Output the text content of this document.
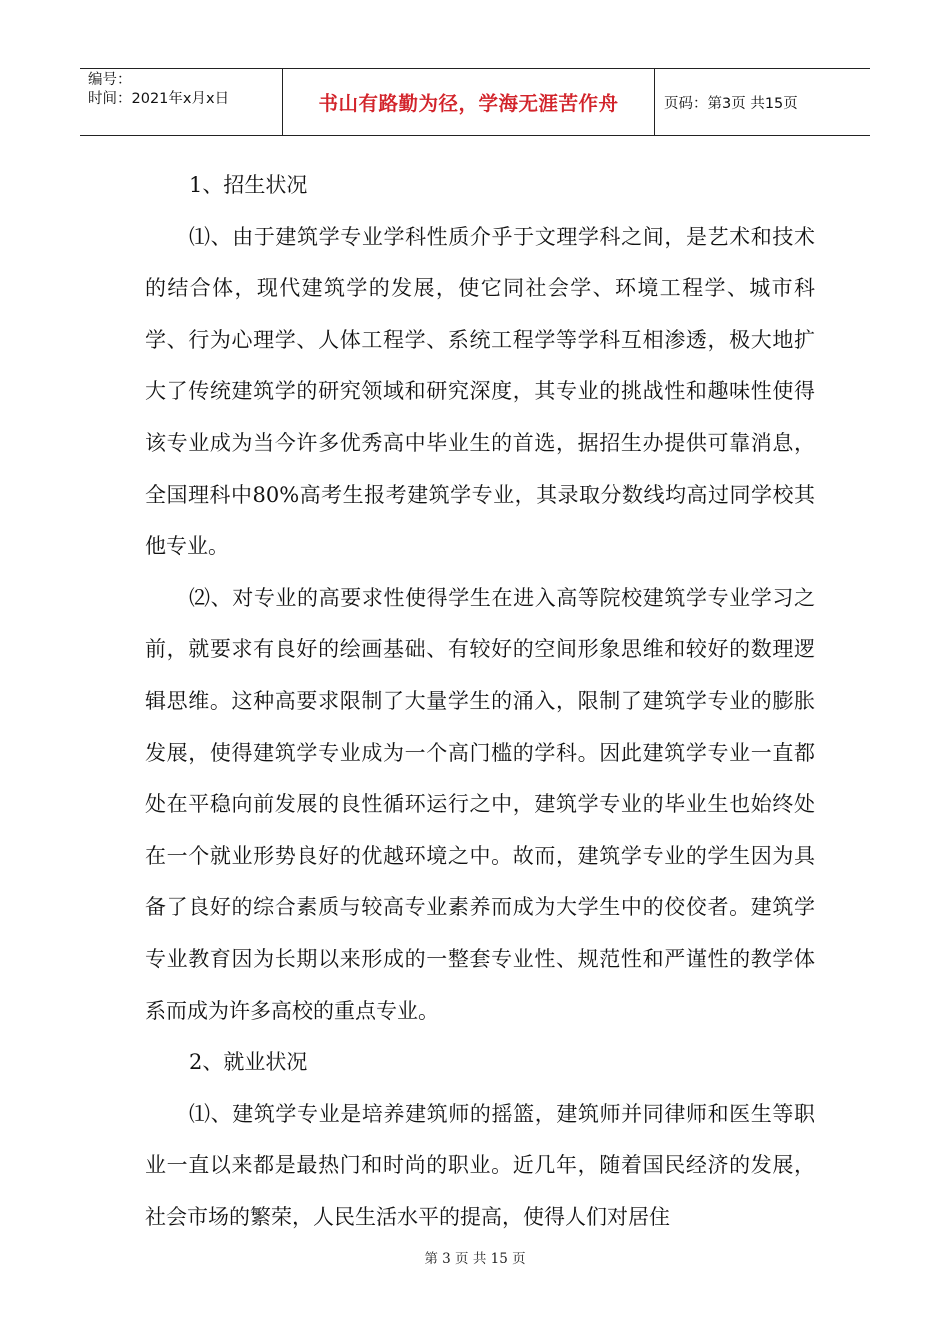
编号：
时间：2021年x月x日	书山有路勤为径，学海无涯苦作舟	页码：第3页 共15页

1、招生状况

⑴、由于建筑学专业学科性质介乎于文理学科之间，是艺术和技术的结合体，现代建筑学的发展，使它同社会学、环境工程学、城市科学、行为心理学、人体工程学、系统工程学等学科互相渗透，极大地扩大了传统建筑学的研究领域和研究深度，其专业的挑战性和趣味性使得该专业成为当今许多优秀高中毕业生的首选，据招生办提供可靠消息，全国理科中80%高考生报考建筑学专业，其录取分数线均高过同学校其他专业。

⑵、对专业的高要求性使得学生在进入高等院校建筑学专业学习之前，就要求有良好的绘画基础、有较好的空间形象思维和较好的数理逻辑思维。这种高要求限制了大量学生的涌入，限制了建筑学专业的膨胀发展，使得建筑学专业成为一个高门槛的学科。因此建筑学专业一直都处在平稳向前发展的良性循环运行之中，建筑学专业的毕业生也始终处在一个就业形势良好的优越环境之中。故而，建筑学专业的学生因为具备了良好的综合素质与较高专业素养而成为大学生中的佼佼者。建筑学专业教育因为长期以来形成的一整套专业性、规范性和严谨性的教学体系而成为许多高校的重点专业。

2、就业状况

⑴、建筑学专业是培养建筑师的摇篮，建筑师并同律师和医生等职业一直以来都是最热门和时尚的职业。近几年，随着国民经济的发展，社会市场的繁荣，人民生活水平的提高，使得人们对居住

第 3 页 共 15 页
